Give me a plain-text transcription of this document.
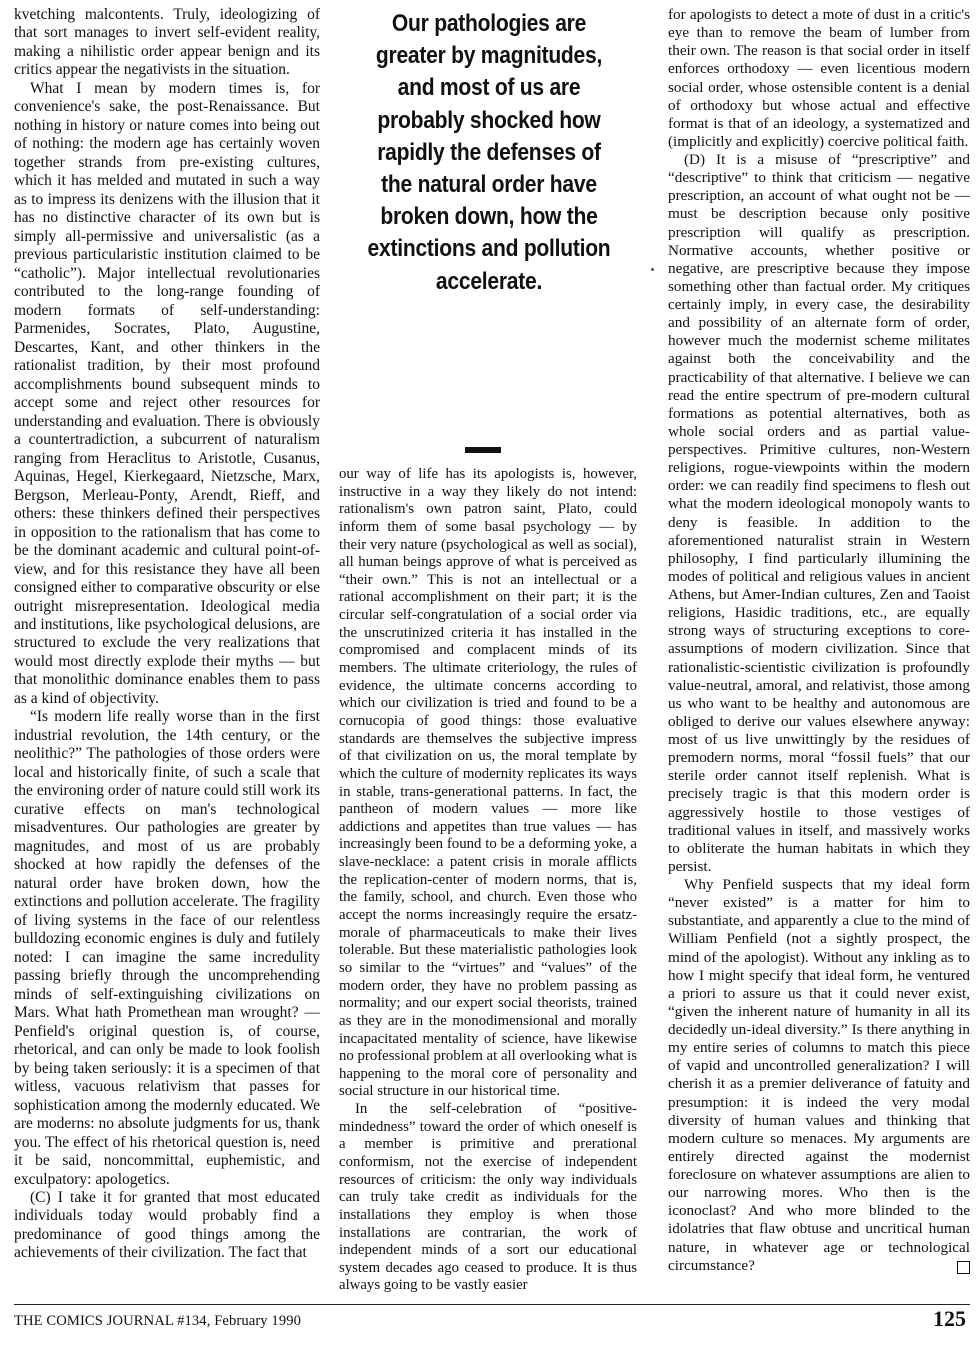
kvetching malcontents. Truly, ideologizing of that sort manages to invert self-evident reality, making a nihilistic order appear benign and its critics appear the negativists in the situation.

What I mean by modern times is, for convenience's sake, the post-Renaissance. But nothing in history or nature comes into being out of nothing: the modern age has certainly woven together strands from pre-existing cultures, which it has melded and mutated in such a way as to impress its denizens with the illusion that it has no distinctive character of its own but is simply all-permissive and universalistic (as a previous particularistic institution claimed to be “catholic”). Major intellectual revolutionaries contributed to the long-range founding of modern formats of self-understanding: Parmenides, Socrates, Plato, Augustine, Descartes, Kant, and other thinkers in the rationalist tradition, by their most profound accomplishments bound subsequent minds to accept some and reject other resources for understanding and evaluation. There is obviously a countertradiction, a subcurrent of naturalism ranging from Heraclitus to Aristotle, Cusanus, Aquinas, Hegel, Kierkegaard, Nietzsche, Marx, Bergson, Merleau-Ponty, Arendt, Rieff, and others: these thinkers defined their perspectives in opposition to the rationalism that has come to be the dominant academic and cultural point-of-view, and for this resistance they have all been consigned either to comparative obscurity or else outright misrepresentation. Ideological media and institutions, like psychological delusions, are structured to exclude the very realizations that would most directly explode their myths — but that monolithic dominance enables them to pass as a kind of objectivity.

“Is modern life really worse than in the first industrial revolution, the 14th century, or the neolithic?” The pathologies of those orders were local and historically finite, of such a scale that the environing order of nature could still work its curative effects on man's technological misadventures. Our pathologies are greater by magnitudes, and most of us are probably shocked at how rapidly the defenses of the natural order have broken down, how the extinctions and pollution accelerate. The fragility of living systems in the face of our relentless bulldozing economic engines is duly and futilely noted: I can imagine the same incredulity passing briefly through the uncomprehending minds of self-extinguishing civilizations on Mars. What hath Promethean man wrought? — Penfield's original question is, of course, rhetorical, and can only be made to look foolish by being taken seriously: it is a specimen of that witless, vacuous relativism that passes for sophistication among the modernly educated. We are moderns: no absolute judgments for us, thank you. The effect of his rhetorical question is, need it be said, noncommittal, euphemistic, and exculpatory: apologetics.

(C) I take it for granted that most educated individuals today would probably find a predominance of good things among the achievements of their civilization. The fact that

Our pathologies are greater by magnitudes, and most of us are probably shocked how rapidly the defenses of the natural order have broken down, how the extinctions and pollution accelerate.

our way of life has its apologists is, however, instructive in a way they likely do not intend: rationalism's own patron saint, Plato, could inform them of some basal psychology — by their very nature (psychological as well as social), all human beings approve of what is perceived as “their own.” This is not an intellectual or a rational accomplishment on their part; it is the circular self-congratulation of a social order via the unscrutinized criteria it has installed in the compromised and complacent minds of its members. The ultimate criteriology, the rules of evidence, the ultimate concerns according to which our civilization is tried and found to be a cornucopia of good things: those evaluative standards are themselves the subjective impress of that civilization on us, the moral template by which the culture of modernity replicates its ways in stable, trans-generational patterns. In fact, the pantheon of modern values — more like addictions and appetites than true values — has increasingly been found to be a deforming yoke, a slave-necklace: a patent crisis in morale afflicts the replication-center of modern norms, that is, the family, school, and church. Even those who accept the norms increasingly require the ersatz-morale of pharmaceuticals to make their lives tolerable. But these materialistic pathologies look so similar to the “virtues” and “values” of the modern order, they have no problem passing as normality; and our expert social theorists, trained as they are in the monodimensional and morally incapacitated mentality of science, have likewise no professional problem at all overlooking what is happening to the moral core of personality and social structure in our historical time.

In the self-celebration of “positive-mindedness” toward the order of which oneself is a member is primitive and prerational conformism, not the exercise of independent resources of criticism: the only way individuals can truly take credit as individuals for the installations they employ is when those installations are contrarian, the work of independent minds of a sort our educational system decades ago ceased to produce. It is thus always going to be vastly easier

for apologists to detect a mote of dust in a critic's eye than to remove the beam of lumber from their own. The reason is that social order in itself enforces orthodoxy — even licentious modern social order, whose ostensible content is a denial of orthodoxy but whose actual and effective format is that of an ideology, a systematized and (implicitly and explicitly) coercive political faith.

(D) It is a misuse of “prescriptive” and “descriptive” to think that criticism — negative prescription, an account of what ought not be — must be description because only positive prescription will qualify as prescription. Normative accounts, whether positive or negative, are prescriptive because they impose something other than factual order. My critiques certainly imply, in every case, the desirability and possibility of an alternate form of order, however much the modernist scheme militates against both the conceivability and the practicability of that alternative. I believe we can read the entire spectrum of pre-modern cultural formations as potential alternatives, both as whole social orders and as partial value-perspectives. Primitive cultures, non-Western religions, rogue-viewpoints within the modern order: we can readily find specimens to flesh out what the modern ideological monopoly wants to deny is feasible. In addition to the aforementioned naturalist strain in Western philosophy, I find particularly illumining the modes of political and religious values in ancient Athens, but Amer-Indian cultures, Zen and Taoist religions, Hasidic traditions, etc., are equally strong ways of structuring exceptions to core-assumptions of modern civilization. Since that rationalistic-scientistic civilization is profoundly value-neutral, amoral, and relativist, those among us who want to be healthy and autonomous are obliged to derive our values elsewhere anyway: most of us live unwittingly by the residues of premodern norms, moral “fossil fuels” that our sterile order cannot itself replenish. What is precisely tragic is that this modern order is aggressively hostile to those vestiges of traditional values in itself, and massively works to obliterate the human habitats in which they persist.

Why Penfield suspects that my ideal form “never existed” is a matter for him to substantiate, and apparently a clue to the mind of William Penfield (not a sightly prospect, the mind of the apologist). Without any inkling as to how I might specify that ideal form, he ventured a priori to assure us that it could never exist, “given the inherent nature of humanity in all its decidedly un-ideal diversity.” Is there anything in my entire series of columns to match this piece of vapid and uncontrolled generalization? I will cherish it as a premier deliverance of fatuity and presumption: it is indeed the very modal diversity of human values and thinking that modern culture so menaces. My arguments are entirely directed against the modernist foreclosure on whatever assumptions are alien to our narrowing mores. Who then is the iconoclast? And who more blinded to the idolatries that flaw obtuse and uncritical human nature, in whatever age or technological circumstance?

THE COMICS JOURNAL #134, February 1990	125
